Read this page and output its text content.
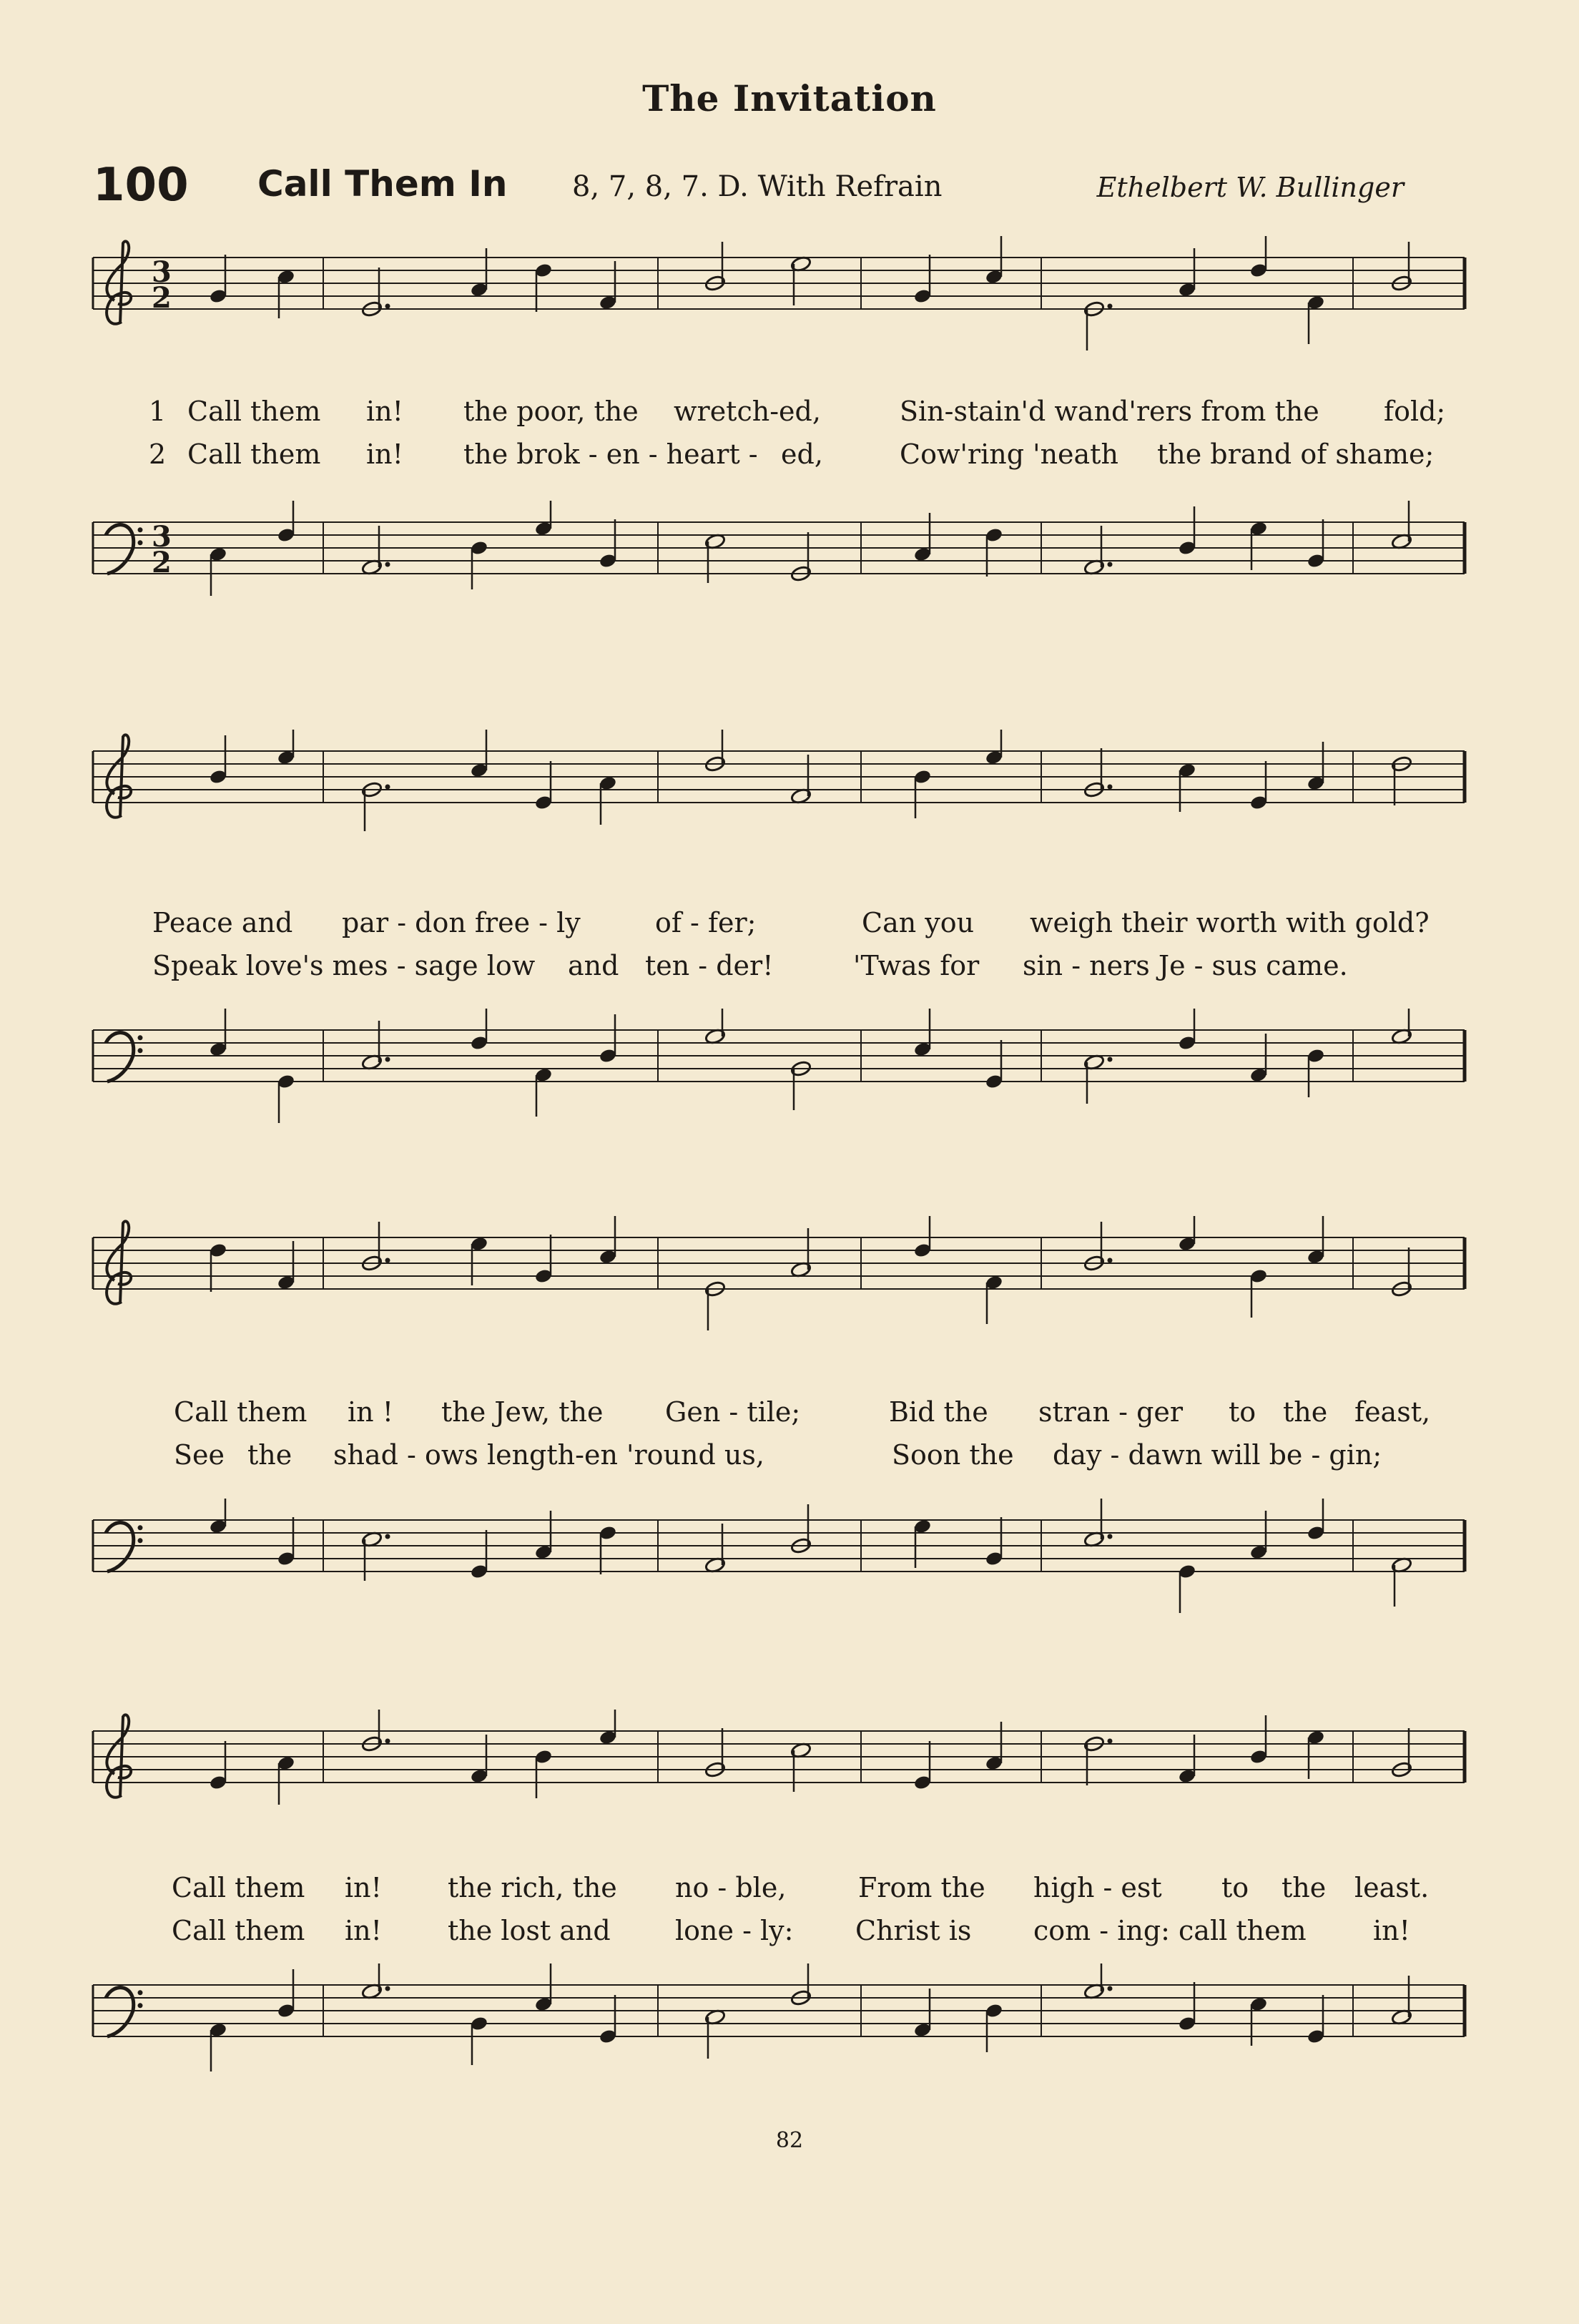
The Invitation
100 Call Them In 8, 7, 8, 7. D. With Refrain	Ethelbert W. Bullinger
3
2
1 Call them in! the poor, the wretch-ed,	Sin-stain'd wand'rers from the fold;
2 Call them in! the brok - en - heart - ed,	Cow'ring 'neath the brand of shame;
3
2
Peace and par - don free - ly	of - fer;	Can you weigh their worth with gold?
Speak love's mes - sage low and ten - der!	'Twas for sin - ners Je - sus came.
Call them in ! the Jew, the Gen - tile;	Bid the stran - ger to the feast,
See the shad - ows length-en 'round us,	Soon the day - dawn will be - gin;
Call them in! the rich, the no - ble,	From the high - est to the least.
Call them in! the lost and lone - ly: Christ is com - ing: call them in!
82
